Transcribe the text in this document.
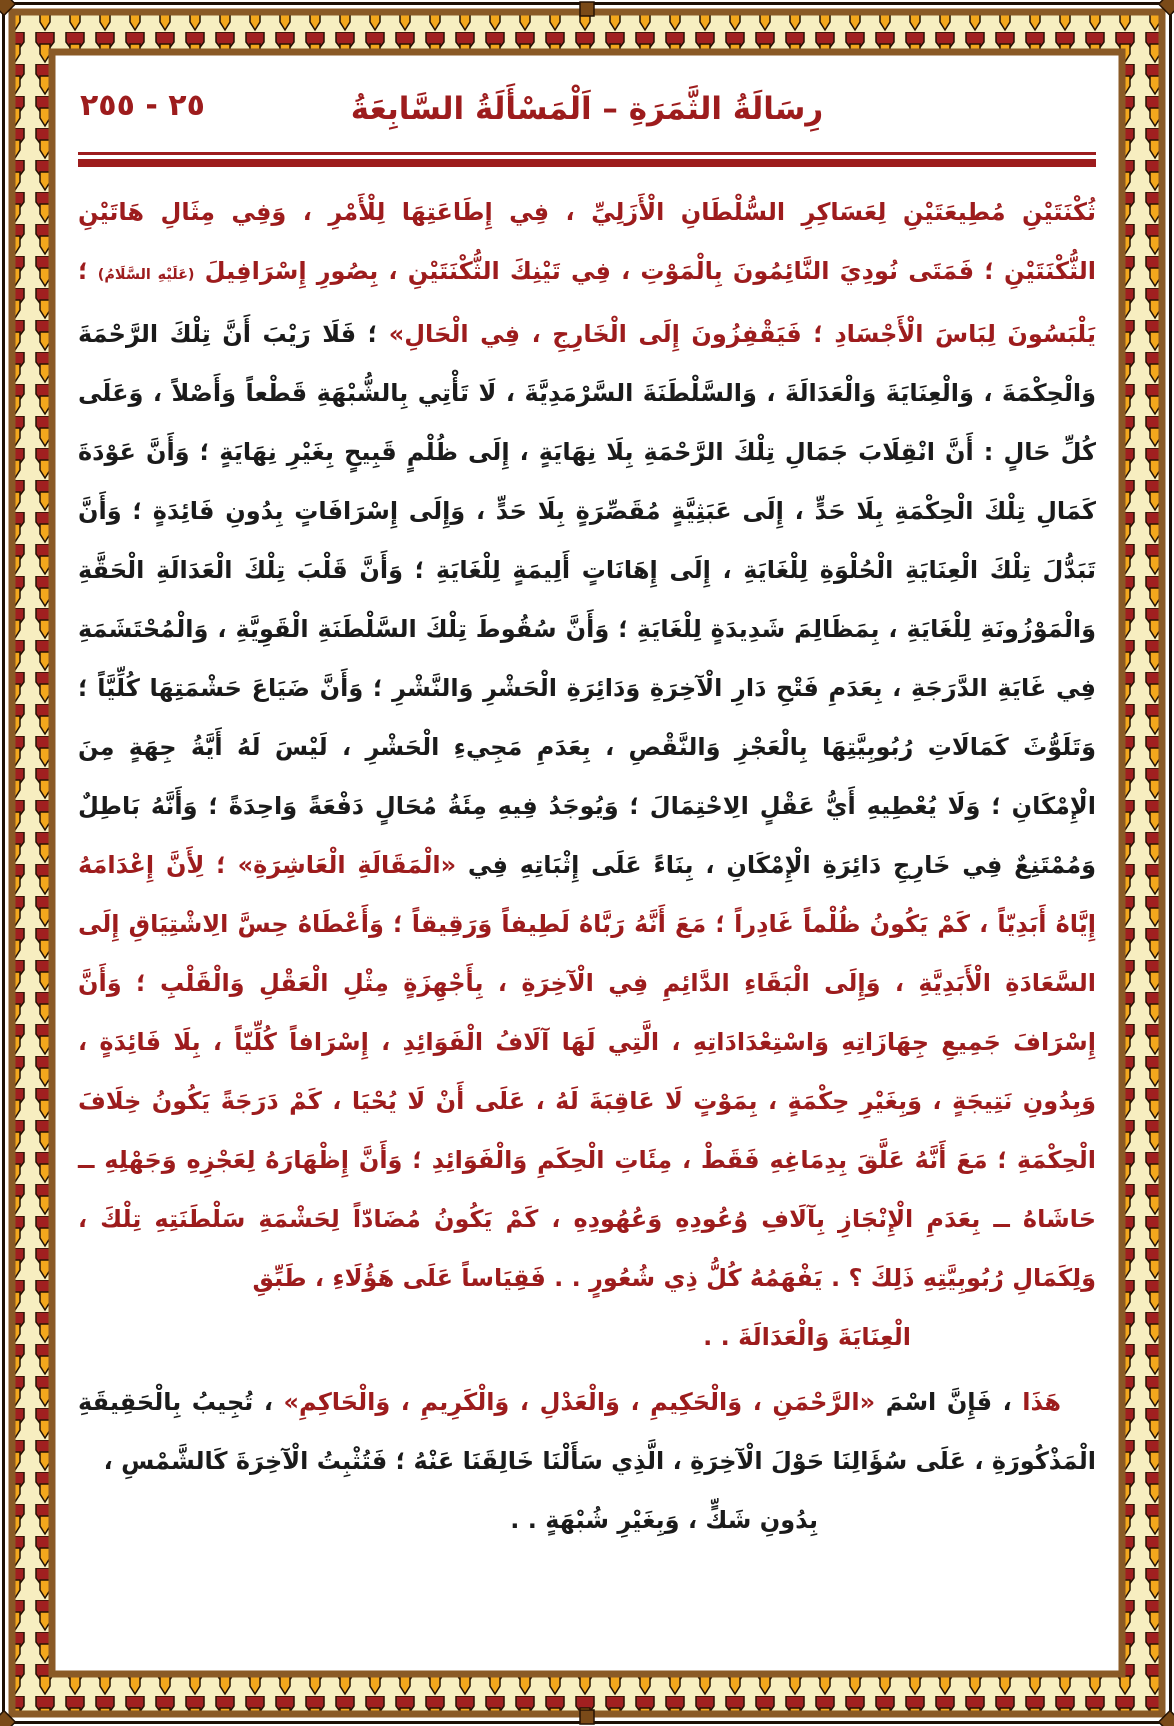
٢٥ - ٢٥٥	رِسَالَةُ الثَّمَرَةِ – اَلْمَسْأَلَةُ السَّابِعَةُ

ثُكْنَتَيْنِ مُطِيعَتَيْنِ لِعَسَاكِرِ السُّلْطَانِ الْأَزَلِيِّ ، فِي إِطَاعَتِهَا لِلْأَمْرِ ، وَفِي مِثَالِ هَاتَيْنِ الثُّكْنَتَيْنِ ؛ فَمَتَى نُودِيَ النَّائِمُونَ بِالْمَوْتِ ، فِي تَيْنِكَ الثُّكْنَتَيْنِ ، بِصُورِ إِسْرَافِيلَ (عَلَيْهِ السَّلَامُ) ؛ يَلْبَسُونَ لِبَاسَ الْأَجْسَادِ ؛ فَيَقْفِزُونَ إِلَى الْخَارِجِ ، فِي الْحَالِ» ؛ فَلَا رَيْبَ أَنَّ تِلْكَ الرَّحْمَةَ وَالْحِكْمَةَ ، وَالْعِنَايَةَ وَالْعَدَالَةَ ، وَالسَّلْطَنَةَ السَّرْمَدِيَّةَ ، لَا تَأْتِي بِالشُّبْهَةِ قَطْعاً وَأَصْلاً ، وَعَلَى كُلِّ حَالٍ : أَنَّ انْقِلَابَ جَمَالِ تِلْكَ الرَّحْمَةِ بِلَا نِهَايَةٍ ، إِلَى ظُلْمٍ قَبِيحٍ بِغَيْرِ نِهَايَةٍ ؛ وَأَنَّ عَوْدَةَ كَمَالِ تِلْكَ الْحِكْمَةِ بِلَا حَدٍّ ، إِلَى عَبَثِيَّةٍ مُقَصِّرَةٍ بِلَا حَدٍّ ، وَإِلَى إِسْرَافَاتٍ بِدُونِ فَائِدَةٍ ؛ وَأَنَّ تَبَدُّلَ تِلْكَ الْعِنَايَةِ الْحُلْوَةِ لِلْغَايَةِ ، إِلَى إِهَانَاتٍ أَلِيمَةٍ لِلْغَايَةِ ؛ وَأَنَّ قَلْبَ تِلْكَ الْعَدَالَةِ الْحَقَّةِ وَالْمَوْزُونَةِ لِلْغَايَةِ ، بِمَظَالِمَ شَدِيدَةٍ لِلْغَايَةِ ؛ وَأَنَّ سُقُوطَ تِلْكَ السَّلْطَنَةِ الْقَوِيَّةِ ، وَالْمُحْتَشَمَةِ فِي غَايَةِ الدَّرَجَةِ ، بِعَدَمِ فَتْحِ دَارِ الْآخِرَةِ وَدَائِرَةِ الْحَشْرِ وَالنَّشْرِ ؛ وَأَنَّ ضَيَاعَ حَشْمَتِهَا كُلِّيَّاً ؛ وَتَلَوُّثَ كَمَالَاتِ رُبُوبِيَّتِهَا بِالْعَجْزِ وَالنَّقْصِ ، بِعَدَمِ مَجِيءِ الْحَشْرِ ، لَيْسَ لَهُ أَيَّةُ جِهَةٍ مِنَ الْإِمْكَانِ ؛ وَلَا يُعْطِيهِ أَيُّ عَقْلٍ الِاحْتِمَالَ ؛ وَيُوجَدُ فِيهِ مِئَةُ مُحَالٍ دَفْعَةً وَاحِدَةً ؛ وَأَنَّهُ بَاطِلٌ وَمُمْتَنِعٌ فِي خَارِجِ دَائِرَةِ الْإِمْكَانِ ، بِنَاءً عَلَى إِثْبَاتِهِ فِي «الْمَقَالَةِ الْعَاشِرَةِ» ؛ لِأَنَّ إِعْدَامَهُ إِيَّاهُ أَبَدِيّاً ، كَمْ يَكُونُ ظُلْماً غَادِراً ؛ مَعَ أَنَّهُ رَبَّاهُ لَطِيفاً وَرَقِيقاً ؛ وَأَعْطَاهُ حِسَّ الِاشْتِيَاقِ إِلَى السَّعَادَةِ الْأَبَدِيَّةِ ، وَإِلَى الْبَقَاءِ الدَّائِمِ فِي الْآخِرَةِ ، بِأَجْهِزَةٍ مِثْلِ الْعَقْلِ وَالْقَلْبِ ؛ وَأَنَّ إِسْرَافَ جَمِيعِ جِهَازَاتِهِ وَاسْتِعْدَادَاتِهِ ، الَّتِي لَهَا آلَافُ الْفَوَائِدِ ، إِسْرَافاً كُلِّيّاً ، بِلَا فَائِدَةٍ ، وَبِدُونِ نَتِيجَةٍ ، وَبِغَيْرِ حِكْمَةٍ ، بِمَوْتٍ لَا عَاقِبَةَ لَهُ ، عَلَى أَنْ لَا يُحْيَا ، كَمْ دَرَجَةً يَكُونُ خِلَافَ الْحِكْمَةِ ؛ مَعَ أَنَّهُ عَلَّقَ بِدِمَاغِهِ فَقَطْ ، مِئَاتِ الْحِكَمِ وَالْفَوَائِدِ ؛ وَأَنَّ إِظْهَارَهُ لِعَجْزِهِ وَجَهْلِهِ ــ حَاشَاهُ ــ بِعَدَمِ الْإِنْجَازِ بِآلَافِ وُعُودِهِ وَعُهُودِهِ ، كَمْ يَكُونُ مُضَادّاً لِحَشْمَةِ سَلْطَنَتِهِ تِلْكَ ، وَلِكَمَالِ رُبُوبِيَّتِهِ ذَلِكَ ؟ . يَفْهَمُهُ كُلُّ ذِي شُعُورٍ . . فَقِيَاساً عَلَى هَؤُلَاءِ ، طَبِّقِ

الْعِنَايَةَ وَالْعَدَالَةَ . .

هَذَا ، فَإِنَّ اسْمَ «الرَّحْمَنِ ، وَالْحَكِيمِ ، وَالْعَدْلِ ، وَالْكَرِيمِ ، وَالْحَاكِمِ» ، تُجِيبُ بِالْحَقِيقَةِ الْمَذْكُورَةِ ، عَلَى سُؤَالِنَا حَوْلَ الْآخِرَةِ ، الَّذِي سَأَلْنَا خَالِقَنَا عَنْهُ ؛ فَتُثْبِتُ الْآخِرَةَ كَالشَّمْسِ ،

بِدُونِ شَكٍّ ، وَبِغَيْرِ شُبْهَةٍ . .
